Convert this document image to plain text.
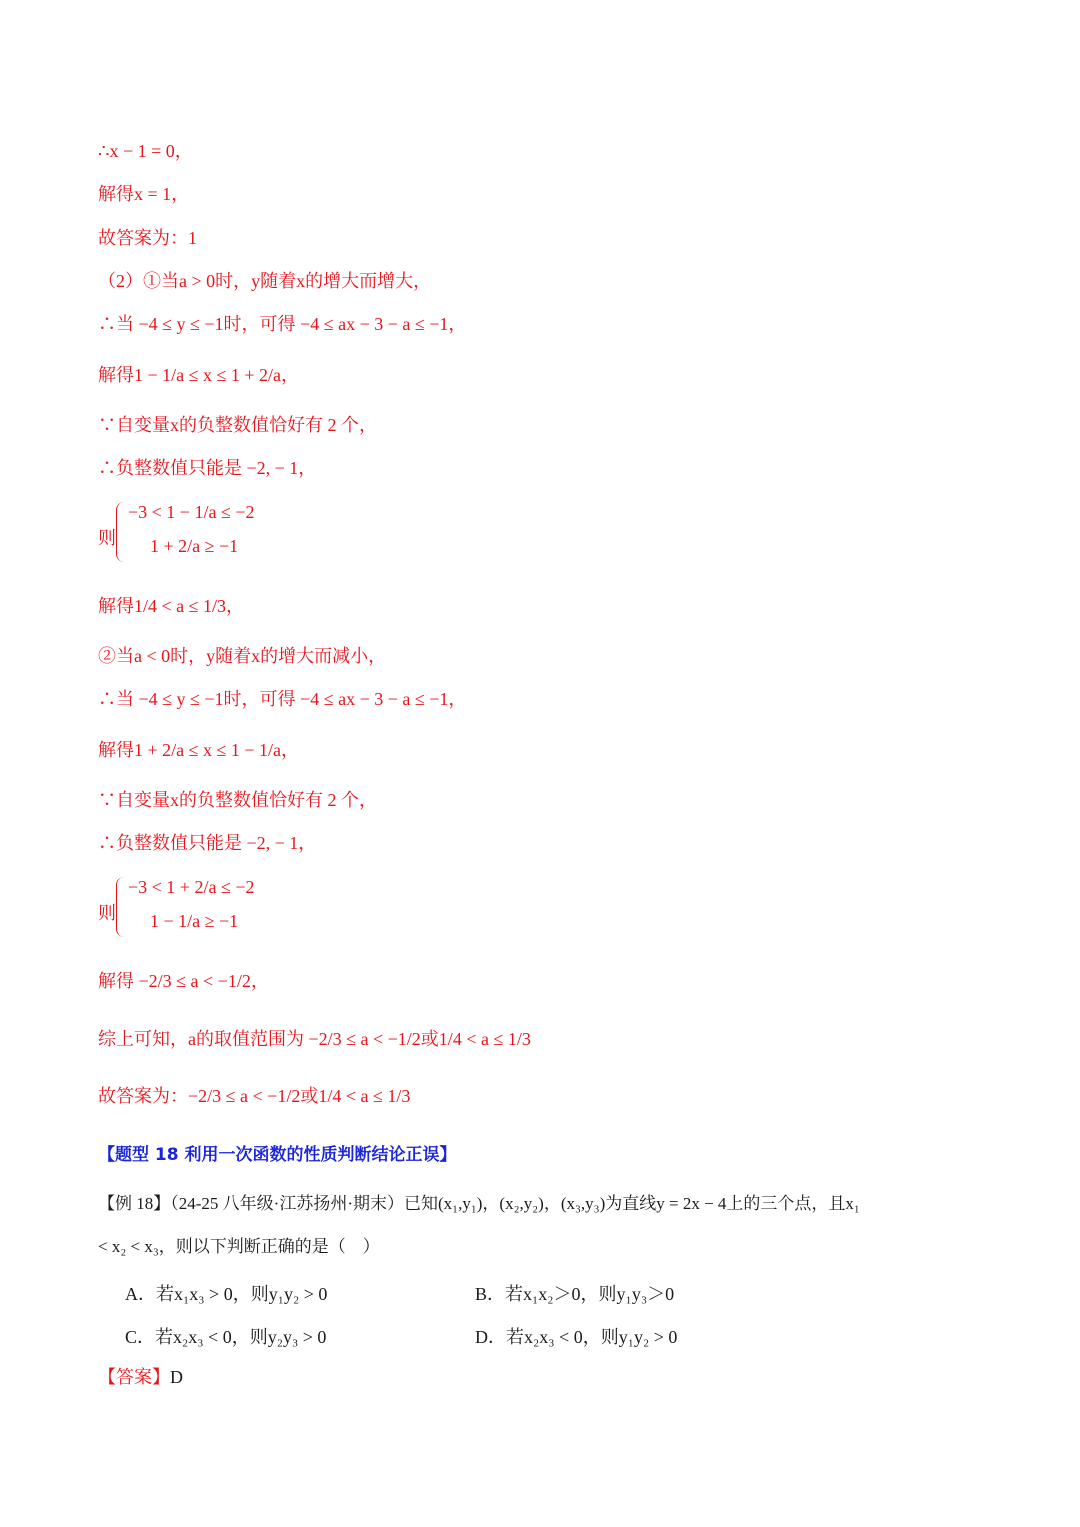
∴x − 1 = 0，
解得x = 1，
故答案为：1
（2）①当a > 0时，y随着x的增大而增大，
∴当 −4 ≤ y ≤ −1时，可得 −4 ≤ ax − 3 − a ≤ −1，
解得1 − 1/a ≤ x ≤ 1 + 2/a，
∵自变量x的负整数值恰好有 2 个，
∴负整数值只能是 −2, − 1，
则
−3 < 1 − 1/a ≤ −2
1 + 2/a ≥ −1
解得1/4 < a ≤ 1/3，
②当a < 0时，y随着x的增大而减小，
∴当 −4 ≤ y ≤ −1时，可得 −4 ≤ ax − 3 − a ≤ −1，
解得1 + 2/a ≤ x ≤ 1 − 1/a，
∵自变量x的负整数值恰好有 2 个，
∴负整数值只能是 −2, − 1，
则
−3 < 1 + 2/a ≤ −2
1 − 1/a ≥ −1
解得 −2/3 ≤ a < −1/2，
综上可知，a的取值范围为 −2/3 ≤ a < −1/2或1/4 < a ≤ 1/3
故答案为：−2/3 ≤ a < −1/2或1/4 < a ≤ 1/3
【题型 18 利用一次函数的性质判断结论正误】
【例 18】（24-25 八年级·江苏扬州·期末）已知(x₁,y₁)，(x₂,y₂)，(x₃,y₃)为直线y = 2x − 4上的三个点，且x₁
< x₂ < x₃，则以下判断正确的是（　）
A．若x₁x₃ > 0，则y₁y₂ > 0	B．若x₁x₂＞0，则y₁y₃＞0
C．若x₂x₃ < 0，则y₂y₃ > 0	D．若x₂x₃ < 0，则y₁y₂ > 0
【答案】D
